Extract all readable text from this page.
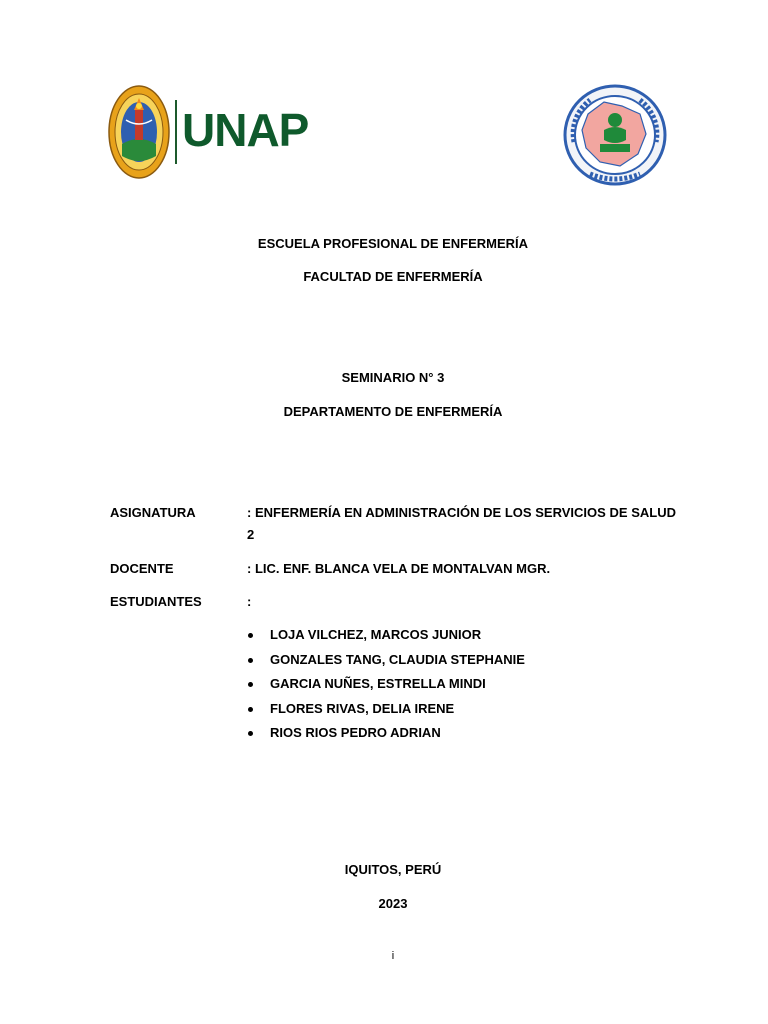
UNAP
ESCUELA PROFESIONAL DE ENFERMERÍA
FACULTAD DE ENFERMERÍA
SEMINARIO N° 3
DEPARTAMENTO DE ENFERMERÍA
ASIGNATURA	: ENFERMERÍA EN ADMINISTRACIÓN DE LOS SERVICIOS DE SALUD 2
DOCENTE	: LIC. ENF. BLANCA VELA DE MONTALVAN MGR.
ESTUDIANTES	:
LOJA VILCHEZ, MARCOS JUNIOR
GONZALES TANG, CLAUDIA STEPHANIE
GARCIA NUÑES, ESTRELLA MINDI
FLORES RIVAS, DELIA IRENE
RIOS RIOS PEDRO ADRIAN
IQUITOS, PERÚ
2023
i
